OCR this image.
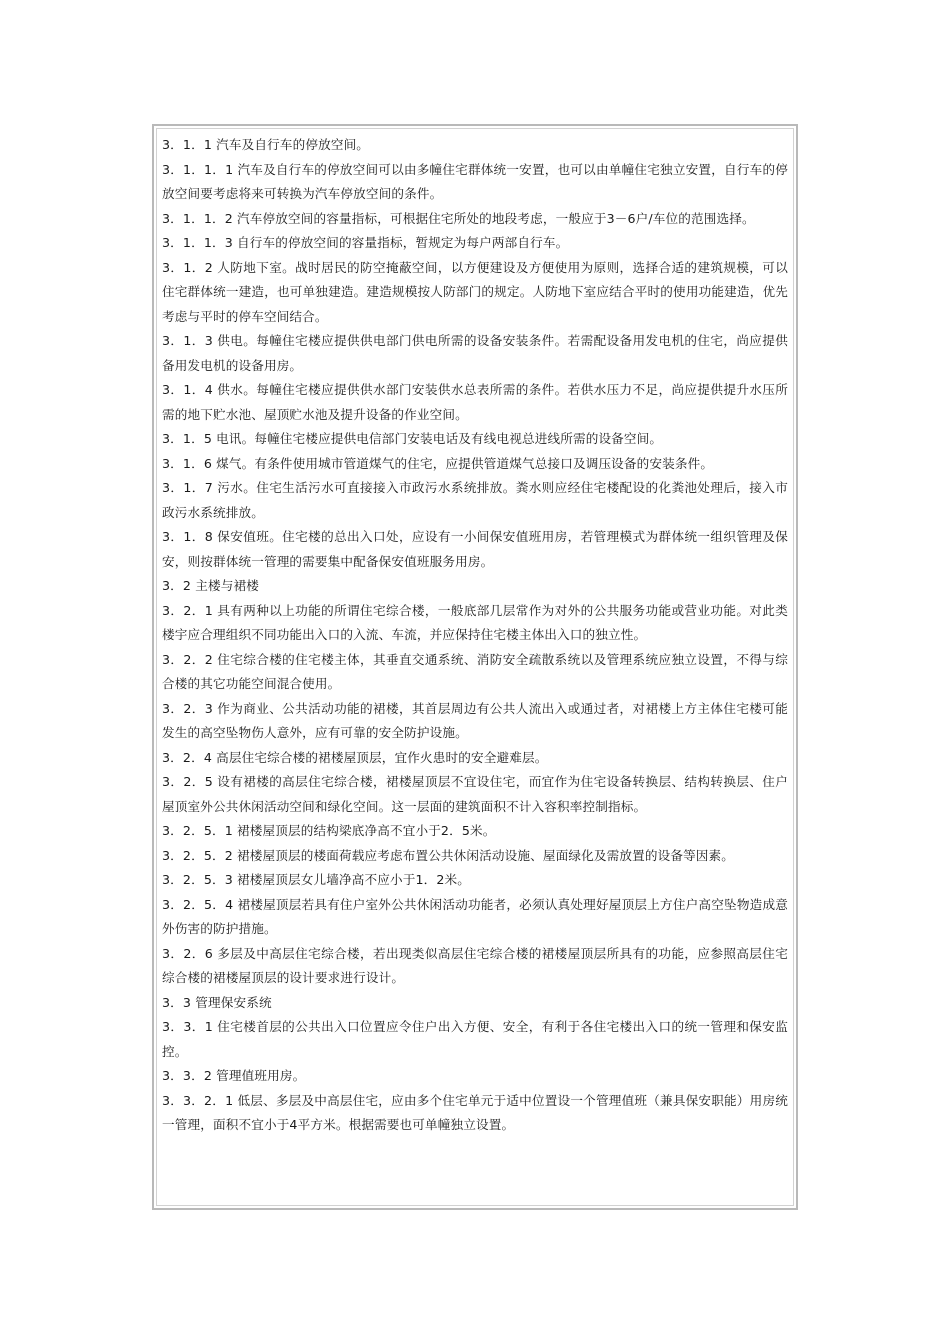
3．1．1 汽车及自行车的停放空间。

3．1．1．1 汽车及自行车的停放空间可以由多幢住宅群体统一安置，也可以由单幢住宅独立安置，自行车的停放空间要考虑将来可转换为汽车停放空间的条件。

3．1．1．2 汽车停放空间的容量指标，可根据住宅所处的地段考虑，一般应于3－6户/车位的范围选择。

3．1．1．3 自行车的停放空间的容量指标，暂规定为每户两部自行车。

3．1．2 人防地下室。战时居民的防空掩蔽空间，以方便建设及方便使用为原则，选择合适的建筑规模，可以住宅群体统一建造，也可单独建造。建造规模按人防部门的规定。人防地下室应结合平时的使用功能建造，优先考虑与平时的停车空间结合。

3．1．3 供电。每幢住宅楼应提供供电部门供电所需的设备安装条件。若需配设备用发电机的住宅，尚应提供备用发电机的设备用房。

3．1．4 供水。每幢住宅楼应提供供水部门安装供水总表所需的条件。若供水压力不足，尚应提供提升水压所需的地下贮水池、屋顶贮水池及提升设备的作业空间。

3．1．5 电讯。每幢住宅楼应提供电信部门安装电话及有线电视总进线所需的设备空间。

3．1．6 煤气。有条件使用城市管道煤气的住宅，应提供管道煤气总接口及调压设备的安装条件。

3．1．7 污水。住宅生活污水可直接接入市政污水系统排放。粪水则应经住宅楼配设的化粪池处理后，接入市政污水系统排放。

3．1．8 保安值班。住宅楼的总出入口处，应设有一小间保安值班用房，若管理模式为群体统一组织管理及保安，则按群体统一管理的需要集中配备保安值班服务用房。

3．2 主楼与裙楼

3．2．1 具有两种以上功能的所谓住宅综合楼，一般底部几层常作为对外的公共服务功能或营业功能。对此类楼宇应合理组织不同功能出入口的入流、车流，并应保持住宅楼主体出入口的独立性。

3．2．2 住宅综合楼的住宅楼主体，其垂直交通系统、消防安全疏散系统以及管理系统应独立设置，不得与综合楼的其它功能空间混合使用。

3．2．3 作为商业、公共活动功能的裙楼，其首层周边有公共人流出入或通过者，对裙楼上方主体住宅楼可能发生的高空坠物伤人意外，应有可靠的安全防护设施。

3．2．4 高层住宅综合楼的裙楼屋顶层，宜作火患时的安全避难层。

3．2．5 设有裙楼的高层住宅综合楼，裙楼屋顶层不宜设住宅，而宜作为住宅设备转换层、结构转换层、住户屋顶室外公共休闲活动空间和绿化空间。这一层面的建筑面积不计入容积率控制指标。

3．2．5．1 裙楼屋顶层的结构梁底净高不宜小于2．5米。

3．2．5．2 裙楼屋顶层的楼面荷载应考虑布置公共休闲活动设施、屋面绿化及需放置的设备等因素。

3．2．5．3 裙楼屋顶层女儿墙净高不应小于1．2米。

3．2．5．4 裙楼屋顶层若具有住户室外公共休闲活动功能者，必须认真处理好屋顶层上方住户高空坠物造成意外伤害的防护措施。

3．2．6 多层及中高层住宅综合楼，若出现类似高层住宅综合楼的裙楼屋顶层所具有的功能，应参照高层住宅综合楼的裙楼屋顶层的设计要求进行设计。

3．3 管理保安系统

3．3．1 住宅楼首层的公共出入口位置应令住户出入方便、安全，有利于各住宅楼出入口的统一管理和保安监控。

3．3．2 管理值班用房。

3．3．2．1 低层、多层及中高层住宅，应由多个住宅单元于适中位置设一个管理值班（兼具保安职能）用房统一管理，面积不宜小于4平方米。根据需要也可单幢独立设置。
